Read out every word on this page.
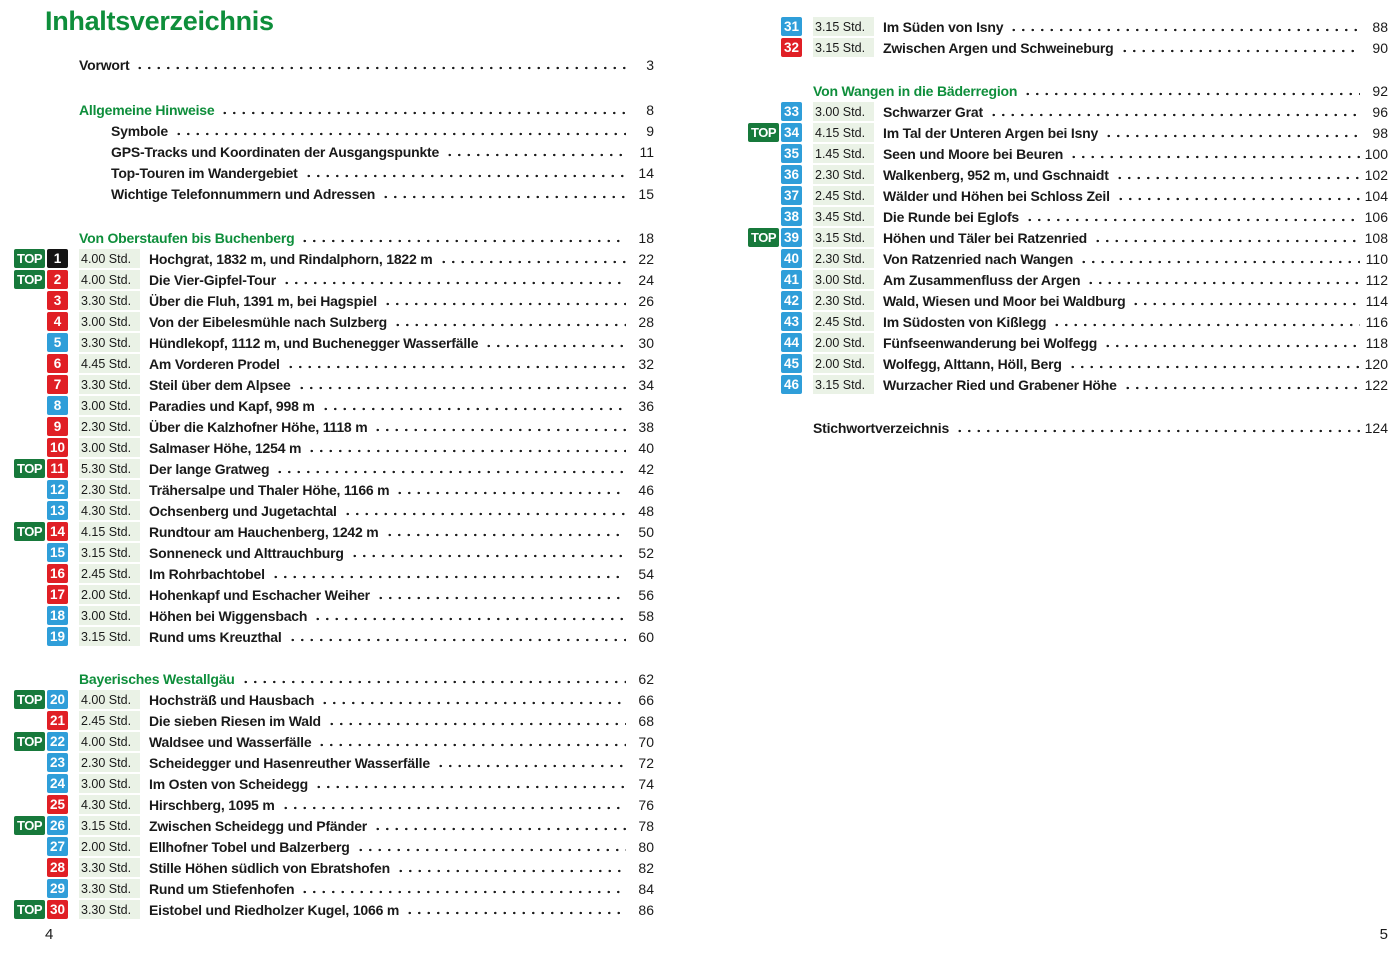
Inhaltsverzeichnis
Vorwort	3
Allgemeine Hinweise	8
Symbole	9
GPS-Tracks und Koordinaten der Ausgangspunkte	11
Top-Touren im Wandergebiet	14
Wichtige Telefonnummern und Adressen	15
Von Oberstaufen bis Buchenberg	18
TOP 1	4.00 Std.	Hochgrat, 1832 m, und Rindalphorn, 1822 m	22
TOP 2	4.00 Std.	Die Vier-Gipfel-Tour	24
3	3.30 Std.	Über die Fluh, 1391 m, bei Hagspiel	26
4	3.00 Std.	Von der Eibelesmühle nach Sulzberg	28
5	3.30 Std.	Hündlekopf, 1112 m, und Buchenegger Wasserfälle	30
6	4.45 Std.	Am Vorderen Prodel	32
7	3.30 Std.	Steil über dem Alpsee	34
8	3.00 Std.	Paradies und Kapf, 998 m	36
9	2.30 Std.	Über die Kalzhofner Höhe, 1118 m	38
10 3.00 Std.	Salmaser Höhe, 1254 m	40
TOP 11 5.30 Std.	Der lange Gratweg	42
12 2.30 Std.	Trähersalpe und Thaler Höhe, 1166 m	46
13 4.30 Std.	Ochsenberg und Jugetachtal	48
TOP 14 4.15 Std.	Rundtour am Hauchenberg, 1242 m	50
15 3.15 Std.	Sonneneck und Alttrauchburg	52
16 2.45 Std.	Im Rohrbachtobel	54
17 2.00 Std.	Hohenkapf und Eschacher Weiher	56
18 3.00 Std.	Höhen bei Wiggensbach	58
19 3.15 Std.	Rund ums Kreuzthal	60
Bayerisches Westallgäu	62
TOP 20 4.00 Std.	Hochsträß und Hausbach	66
21 2.45 Std.	Die sieben Riesen im Wald	68
TOP 22 4.00 Std.	Waldsee und Wasserfälle	70
23 2.30 Std.	Scheidegger und Hasenreuther Wasserfälle	72
24 3.00 Std.	Im Osten von Scheidegg	74
25 4.30 Std.	Hirschberg, 1095 m	76
TOP 26 3.15 Std.	Zwischen Scheidegg und Pfänder	78
27 2.00 Std.	Ellhofner Tobel und Balzerberg	80
28 3.30 Std.	Stille Höhen südlich von Ebratshofen	82
29 3.30 Std.	Rund um Stiefenhofen	84
TOP 30 3.30 Std.	Eistobel und Riedholzer Kugel, 1066 m	86
31 3.15 Std.	Im Süden von Isny	88
32 3.15 Std.	Zwischen Argen und Schweineburg	90
Von Wangen in die Bäderregion	92
33 3.00 Std.	Schwarzer Grat	96
TOP 34 4.15 Std.	Im Tal der Unteren Argen bei Isny	98
35 1.45 Std.	Seen und Moore bei Beuren	100
36 2.30 Std.	Walkenberg, 952 m, und Gschnaidt	102
37 2.45 Std.	Wälder und Höhen bei Schloss Zeil	104
38 3.45 Std.	Die Runde bei Eglofs	106
TOP 39 3.15 Std.	Höhen und Täler bei Ratzenried	108
40 2.30 Std.	Von Ratzenried nach Wangen	110
41 3.00 Std.	Am Zusammenfluss der Argen	112
42 2.30 Std.	Wald, Wiesen und Moor bei Waldburg	114
43 2.45 Std.	Im Südosten von Kißlegg	116
44 2.00 Std.	Fünfseenwanderung bei Wolfegg	118
45 2.00 Std.	Wolfegg, Alttann, Höll, Berg	120
46 3.15 Std.	Wurzacher Ried und Grabener Höhe	122
Stichwortverzeichnis	124
4	5
